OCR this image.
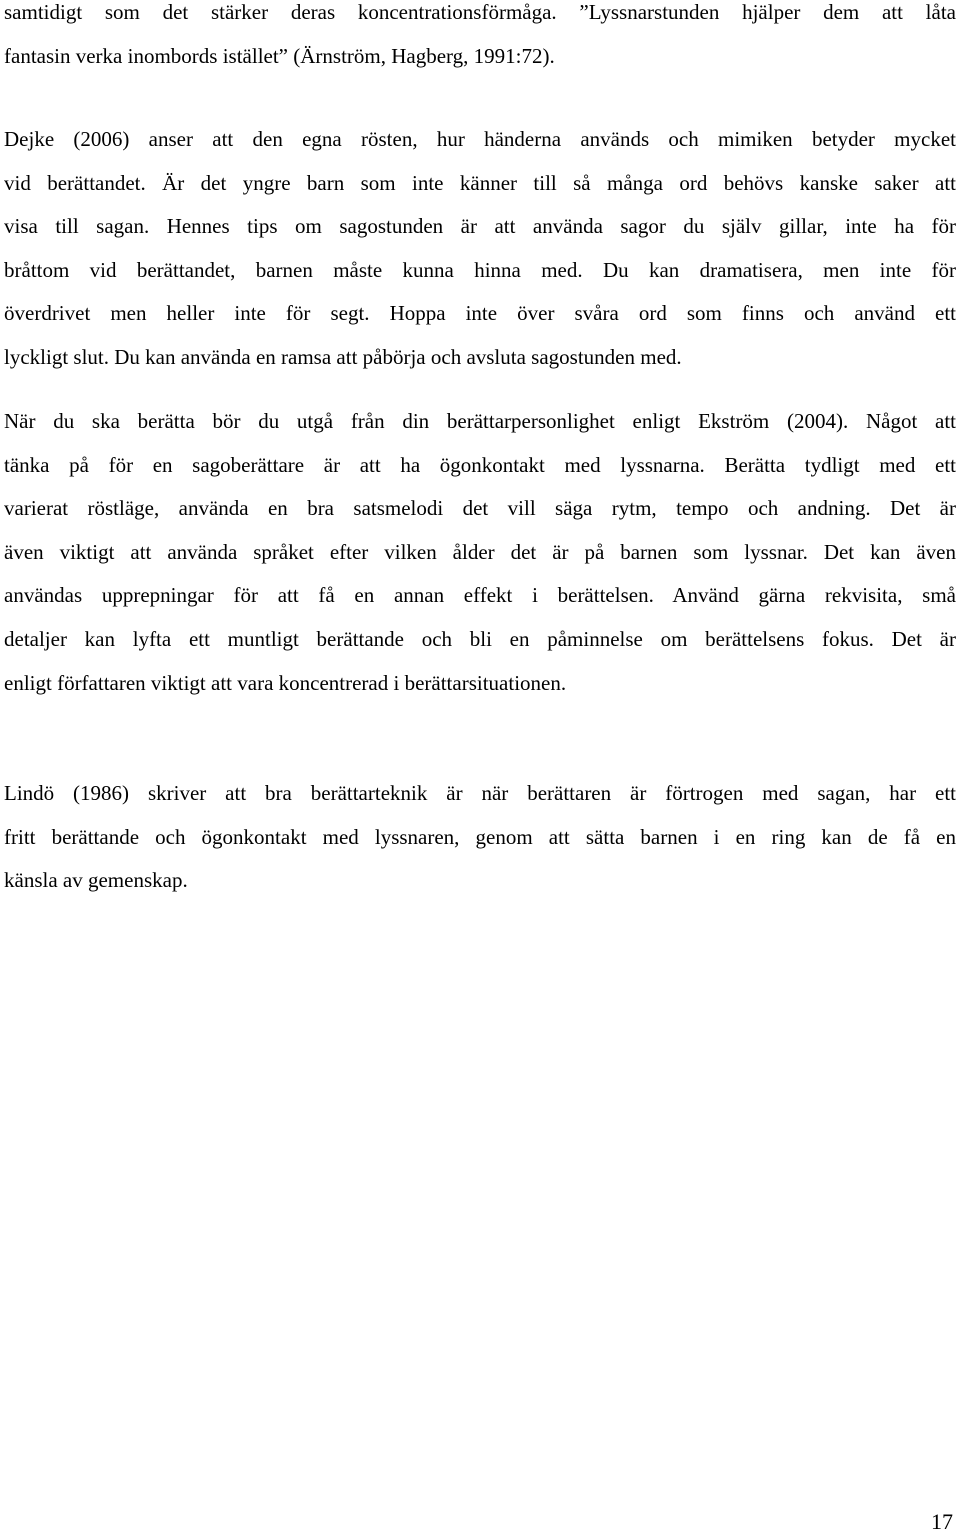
samtidigt som det stärker deras koncentrationsförmåga. ”Lyssnarstunden hjälper dem att låta
fantasin verka inombords istället” (Ärnström, Hagberg, 1991:72).

Dejke (2006) anser att den egna rösten, hur händerna används och mimiken betyder mycket
vid berättandet. Är det yngre barn som inte känner till så många ord behövs kanske saker att
visa till sagan. Hennes tips om sagostunden är att använda sagor du själv gillar, inte ha för
bråttom vid berättandet, barnen måste kunna hinna med. Du kan dramatisera, men inte för
överdrivet men heller inte för segt. Hoppa inte över svåra ord som finns och använd ett
lyckligt slut. Du kan använda en ramsa att påbörja och avsluta sagostunden med.

När du ska berätta bör du utgå från din berättarpersonlighet enligt Ekström (2004). Något att
tänka på för en sagoberättare är att ha ögonkontakt med lyssnarna. Berätta tydligt med ett
varierat röstläge, använda en bra satsmelodi det vill säga rytm, tempo och andning. Det är
även viktigt att använda språket efter vilken ålder det är på barnen som lyssnar. Det kan även
användas upprepningar för att få en annan effekt i berättelsen. Använd gärna rekvisita, små
detaljer kan lyfta ett muntligt berättande och bli en påminnelse om berättelsens fokus. Det är
enligt författaren viktigt att vara koncentrerad i berättarsituationen.

Lindö (1986) skriver att bra berättarteknik är när berättaren är förtrogen med sagan, har ett
fritt berättande och ögonkontakt med lyssnaren, genom att sätta barnen i en ring kan de få en
känsla av gemenskap.

17
